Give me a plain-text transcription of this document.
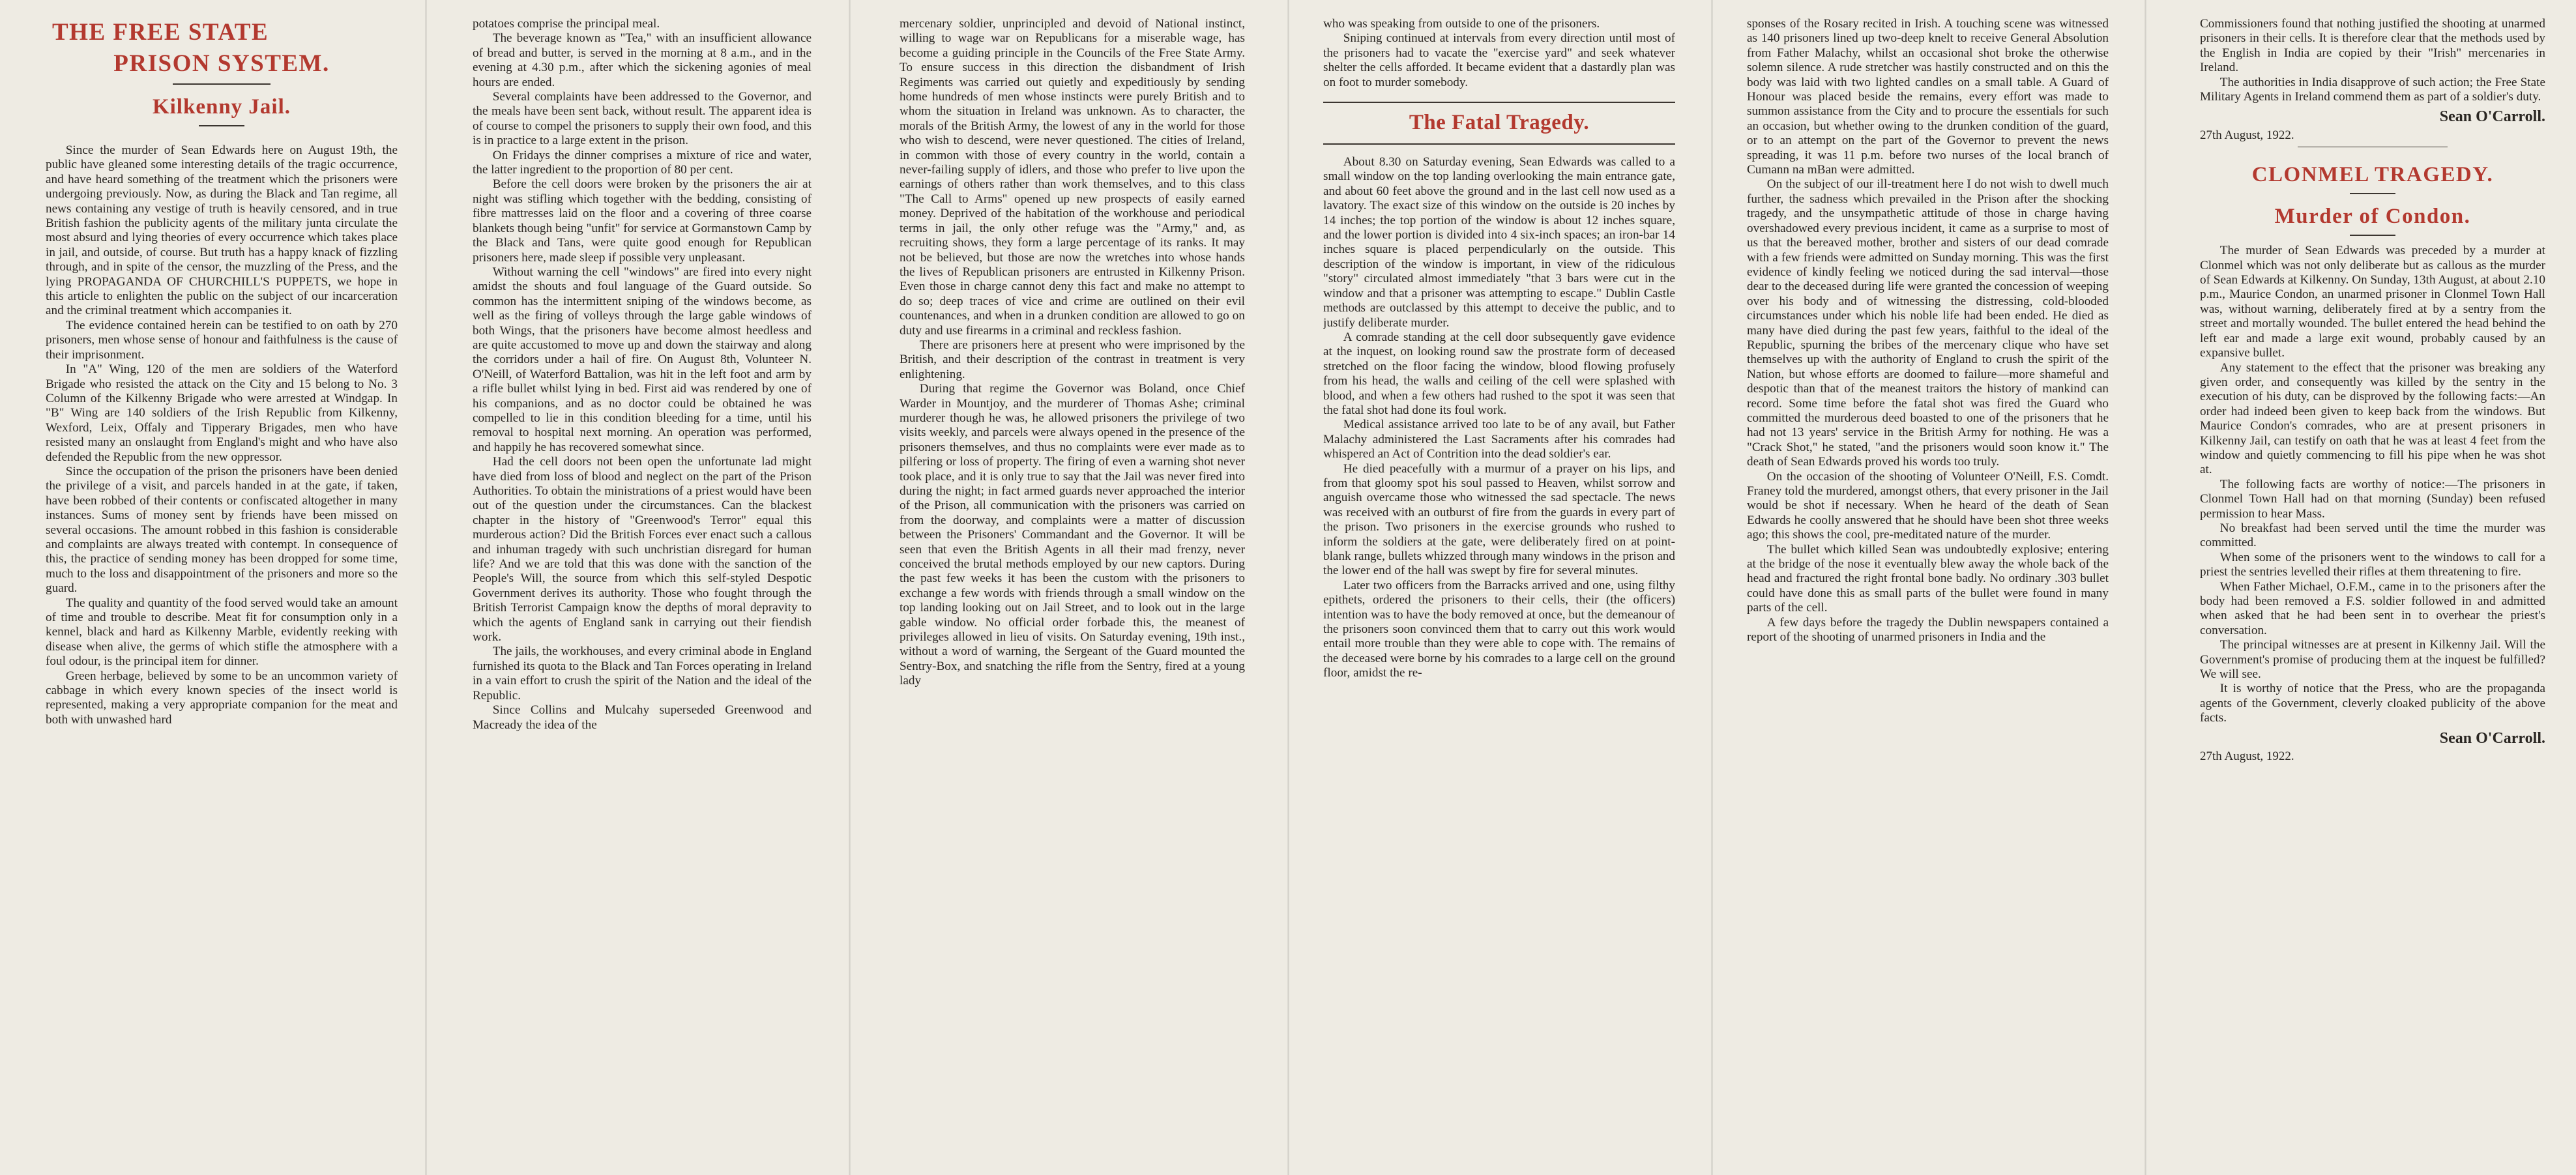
THE FREE STATE
PRISON SYSTEM.
Kilkenny Jail.

Since the murder of Sean Edwards here on August 19th, the public have gleaned some interesting details of the tragic occurrence, and have heard something of the treatment which the prisoners were undergoing previously. Now, as during the Black and Tan regime, all news containing any vestige of truth is heavily censored, and in true British fashion the publicity agents of the military junta circulate the most absurd and lying theories of every occurrence which takes place in jail, and outside, of course. But truth has a happy knack of fizzling through, and in spite of the censor, the muzzling of the Press, and the lying PROPAGANDA OF CHURCHILL'S PUPPETS, we hope in this article to enlighten the public on the subject of our incarceration and the criminal treatment which accompanies it.

The evidence contained herein can be testified to on oath by 270 prisoners, men whose sense of honour and faithfulness is the cause of their imprisonment.

In "A" Wing, 120 of the men are soldiers of the Waterford Brigade who resisted the attack on the City and 15 belong to No. 3 Column of the Kilkenny Brigade who were arrested at Windgap. In "B" Wing are 140 soldiers of the Irish Republic from Kilkenny, Wexford, Leix, Offaly and Tipperary Brigades, men who have resisted many an onslaught from England's might and who have also defended the Republic from the new oppressor.

Since the occupation of the prison the prisoners have been denied the privilege of a visit, and parcels handed in at the gate, if taken, have been robbed of their contents or confiscated altogether in many instances. Sums of money sent by friends have been missed on several occasions. The amount robbed in this fashion is considerable and complaints are always treated with contempt. In consequence of this, the practice of sending money has been dropped for some time, much to the loss and disappointment of the prisoners and more so the guard.

The quality and quantity of the food served would take an amount of time and trouble to describe. Meat fit for consumption only in a kennel, black and hard as Kilkenny Marble, evidently reeking with disease when alive, the germs of which stifle the atmosphere with a foul odour, is the principal item for dinner.

Green herbage, believed by some to be an uncommon variety of cabbage in which every known species of the insect world is represented, making a very appropriate companion for the meat and both with unwashed hard

potatoes comprise the principal meal.

The beverage known as "Tea," with an insufficient allowance of bread and butter, is served in the morning at 8 a.m., and in the evening at 4.30 p.m., after which the sickening agonies of meal hours are ended.

Several complaints have been addressed to the Governor, and the meals have been sent back, without result. The apparent idea is of course to compel the prisoners to supply their own food, and this is in practice to a large extent in the prison.

On Fridays the dinner comprises a mixture of rice and water, the latter ingredient to the proportion of 80 per cent.

Before the cell doors were broken by the prisoners the air at night was stifling which together with the bedding, consisting of fibre mattresses laid on the floor and a covering of three coarse blankets though being "unfit" for service at Gormanstown Camp by the Black and Tans, were quite good enough for Republican prisoners here, made sleep if possible very unpleasant.

Without warning the cell "windows" are fired into every night amidst the shouts and foul language of the Guard outside. So common has the intermittent sniping of the windows become, as well as the firing of volleys through the large gable windows of both Wings, that the prisoners have become almost heedless and are quite accustomed to move up and down the stairway and along the corridors under a hail of fire. On August 8th, Volunteer N. O'Neill, of Waterford Battalion, was hit in the left foot and arm by a rifle bullet whilst lying in bed. First aid was rendered by one of his companions, and as no doctor could be obtained he was compelled to lie in this condition bleeding for a time, until his removal to hospital next morning. An operation was performed, and happily he has recovered somewhat since.

Had the cell doors not been open the unfortunate lad might have died from loss of blood and neglect on the part of the Prison Authorities. To obtain the ministrations of a priest would have been out of the question under the circumstances. Can the blackest chapter in the history of "Greenwood's Terror" equal this murderous action? Did the British Forces ever enact such a callous and inhuman tragedy with such unchristian disregard for human life? And we are told that this was done with the sanction of the People's Will, the source from which this self-styled Despotic Government derives its authority. Those who fought through the British Terrorist Campaign know the depths of moral depravity to which the agents of England sank in carrying out their fiendish work.

The jails, the workhouses, and every criminal abode in England furnished its quota to the Black and Tan Forces operating in Ireland in a vain effort to crush the spirit of the Nation and the ideal of the Republic.

Since Collins and Mulcahy superseded Greenwood and Macready the idea of the

mercenary soldier, unprincipled and devoid of National instinct, willing to wage war on Republicans for a miserable wage, has become a guiding principle in the Councils of the Free State Army. To ensure success in this direction the disbandment of Irish Regiments was carried out quietly and expeditiously by sending home hundreds of men whose instincts were purely British and to whom the situation in Ireland was unknown. As to character, the morals of the British Army, the lowest of any in the world for those who wish to descend, were never questioned. The cities of Ireland, in common with those of every country in the world, contain a never-failing supply of idlers, and those who prefer to live upon the earnings of others rather than work themselves, and to this class "The Call to Arms" opened up new prospects of easily earned money. Deprived of the habitation of the workhouse and periodical terms in jail, the only other refuge was the "Army," and, as recruiting shows, they form a large percentage of its ranks. It may not be believed, but those are now the wretches into whose hands the lives of Republican prisoners are entrusted in Kilkenny Prison. Even those in charge cannot deny this fact and make no attempt to do so; deep traces of vice and crime are outlined on their evil countenances, and when in a drunken condition are allowed to go on duty and use firearms in a criminal and reckless fashion.

There are prisoners here at present who were imprisoned by the British, and their description of the contrast in treatment is very enlightening.

During that regime the Governor was Boland, once Chief Warder in Mountjoy, and the murderer of Thomas Ashe; criminal murderer though he was, he allowed prisoners the privilege of two visits weekly, and parcels were always opened in the presence of the prisoners themselves, and thus no complaints were ever made as to pilfering or loss of property. The firing of even a warning shot never took place, and it is only true to say that the Jail was never fired into during the night; in fact armed guards never approached the interior of the Prison, all communication with the prisoners was carried on from the doorway, and complaints were a matter of discussion between the Prisoners' Commandant and the Governor. It will be seen that even the British Agents in all their mad frenzy, never conceived the brutal methods employed by our new captors. During the past few weeks it has been the custom with the prisoners to exchange a few words with friends through a small window on the top landing looking out on Jail Street, and to look out in the large gable window. No official order forbade this, the meanest of privileges allowed in lieu of visits. On Saturday evening, 19th inst., without a word of warning, the Sergeant of the Guard mounted the Sentry-Box, and snatching the rifle from the Sentry, fired at a young lady

who was speaking from outside to one of the prisoners.

Sniping continued at intervals from every direction until most of the prisoners had to vacate the "exercise yard" and seek whatever shelter the cells afforded. It became evident that a dastardly plan was on foot to murder somebody.

The Fatal Tragedy.

About 8.30 on Saturday evening, Sean Edwards was called to a small window on the top landing overlooking the main entrance gate, and about 60 feet above the ground and in the last cell now used as a lavatory. The exact size of this window on the outside is 20 inches by 14 inches; the top portion of the window is about 12 inches square, and the lower portion is divided into 4 six-inch spaces; an iron-bar 14 inches square is placed perpendicularly on the outside. This description of the window is important, in view of the ridiculous "story" circulated almost immediately "that 3 bars were cut in the window and that a prisoner was attempting to escape." Dublin Castle methods are outclassed by this attempt to deceive the public, and to justify deliberate murder.

A comrade standing at the cell door subsequently gave evidence at the inquest, on looking round saw the prostrate form of deceased stretched on the floor facing the window, blood flowing profusely from his head, the walls and ceiling of the cell were splashed with blood, and when a few others had rushed to the spot it was seen that the fatal shot had done its foul work.

Medical assistance arrived too late to be of any avail, but Father Malachy administered the Last Sacraments after his comrades had whispered an Act of Contrition into the dead soldier's ear.

He died peacefully with a murmur of a prayer on his lips, and from that gloomy spot his soul passed to Heaven, whilst sorrow and anguish overcame those who witnessed the sad spectacle. The news was received with an outburst of fire from the guards in every part of the prison. Two prisoners in the exercise grounds who rushed to inform the soldiers at the gate, were deliberately fired on at point-blank range, bullets whizzed through many windows in the prison and the lower end of the hall was swept by fire for several minutes.

Later two officers from the Barracks arrived and one, using filthy epithets, ordered the prisoners to their cells, their (the officers) intention was to have the body removed at once, but the demeanour of the prisoners soon convinced them that to carry out this work would entail more trouble than they were able to cope with. The remains of the deceased were borne by his comrades to a large cell on the ground floor, amidst the re-

sponses of the Rosary recited in Irish. A touching scene was witnessed as 140 prisoners lined up two-deep knelt to receive General Absolution from Father Malachy, whilst an occasional shot broke the otherwise solemn silence. A rude stretcher was hastily constructed and on this the body was laid with two lighted candles on a small table. A Guard of Honour was placed beside the remains, every effort was made to summon assistance from the City and to procure the essentials for such an occasion, but whether owing to the drunken condition of the guard, or to an attempt on the part of the Governor to prevent the news spreading, it was 11 p.m. before two nurses of the local branch of Cumann na mBan were admitted.

On the subject of our ill-treatment here I do not wish to dwell much further, the sadness which prevailed in the Prison after the shocking tragedy, and the unsympathetic attitude of those in charge having overshadowed every previous incident, it came as a surprise to most of us that the bereaved mother, brother and sisters of our dead comrade with a few friends were admitted on Sunday morning. This was the first evidence of kindly feeling we noticed during the sad interval—those dear to the deceased during life were granted the concession of weeping over his body and of witnessing the distressing, cold-blooded circumstances under which his noble life had been ended. He died as many have died during the past few years, faithful to the ideal of the Republic, spurning the bribes of the mercenary clique who have set themselves up with the authority of England to crush the spirit of the Nation, but whose efforts are doomed to failure—more shameful and despotic than that of the meanest traitors the history of mankind can record. Some time before the fatal shot was fired the Guard who committed the murderous deed boasted to one of the prisoners that he had not 13 years' service in the British Army for nothing. He was a "Crack Shot," he stated, "and the prisoners would soon know it." The death of Sean Edwards proved his words too truly.

On the occasion of the shooting of Volunteer O'Neill, F.S. Comdt. Franey told the murdered, amongst others, that every prisoner in the Jail would be shot if necessary. When he heard of the death of Sean Edwards he coolly answered that he should have been shot three weeks ago; this shows the cool, pre-meditated nature of the murder.

The bullet which killed Sean was undoubtedly explosive; entering at the bridge of the nose it eventually blew away the whole back of the head and fractured the right frontal bone badly. No ordinary .303 bullet could have done this as small parts of the bullet were found in many parts of the cell.

A few days before the tragedy the Dublin newspapers contained a report of the shooting of unarmed prisoners in India and the

Commissioners found that nothing justified the shooting at unarmed prisoners in their cells. It is therefore clear that the methods used by the English in India are copied by their "Irish" mercenaries in Ireland.

The authorities in India disapprove of such action; the Free State Military Agents in Ireland commend them as part of a soldier's duty.

Sean O'Carroll.
27th August, 1922.
CLONMEL TRAGEDY.
Murder of Condon.

The murder of Sean Edwards was preceded by a murder at Clonmel which was not only deliberate but as callous as the murder of Sean Edwards at Kilkenny. On Sunday, 13th August, at about 2.10 p.m., Maurice Condon, an unarmed prisoner in Clonmel Town Hall was, without warning, deliberately fired at by a sentry from the street and mortally wounded. The bullet entered the head behind the left ear and made a large exit wound, probably caused by an expansive bullet.

Any statement to the effect that the prisoner was breaking any given order, and consequently was killed by the sentry in the execution of his duty, can be disproved by the following facts:—An order had indeed been given to keep back from the windows. But Maurice Condon's comrades, who are at present prisoners in Kilkenny Jail, can testify on oath that he was at least 4 feet from the window and quietly commencing to fill his pipe when he was shot at.

The following facts are worthy of notice:—The prisoners in Clonmel Town Hall had on that morning (Sunday) been refused permission to hear Mass.

No breakfast had been served until the time the murder was committed.

When some of the prisoners went to the windows to call for a priest the sentries levelled their rifles at them threatening to fire.

When Father Michael, O.F.M., came in to the prisoners after the body had been removed a F.S. soldier followed in and admitted when asked that he had been sent in to overhear the priest's conversation.

The principal witnesses are at present in Kilkenny Jail. Will the Government's promise of producing them at the inquest be fulfilled? We will see.

It is worthy of notice that the Press, who are the propaganda agents of the Government, cleverly cloaked publicity of the above facts.

Sean O'Carroll.
27th August, 1922.
